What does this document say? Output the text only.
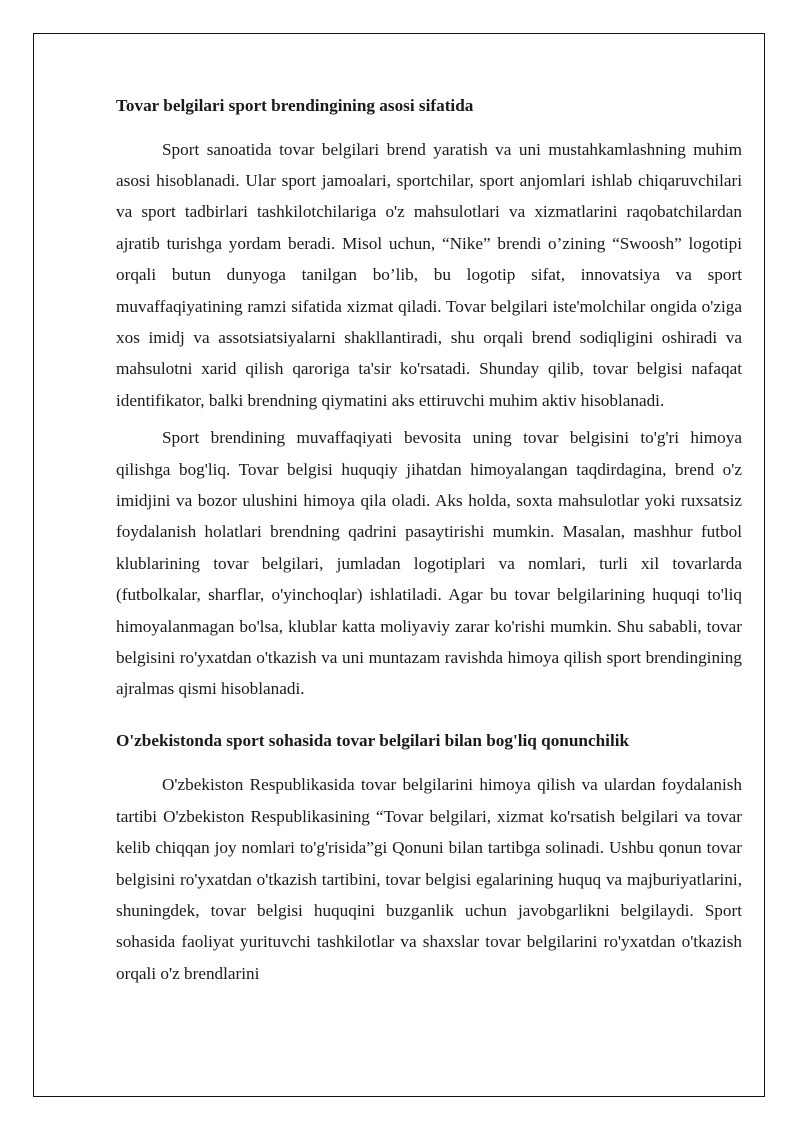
Tovar belgilari sport brendingining asosi sifatida

Sport sanoatida tovar belgilari brend yaratish va uni mustahkamlashning muhim asosi hisoblanadi. Ular sport jamoalari, sportchilar, sport anjomlari ishlab chiqaruvchilari va sport tadbirlari tashkilotchilariga o'z mahsulotlari va xizmatlarini raqobatchilardan ajratib turishga yordam beradi. Misol uchun, “Nike” brendi o’zining “Swoosh” logotipi orqali butun dunyoga tanilgan bo’lib, bu logotip sifat, innovatsiya va sport muvaffaqiyatining ramzi sifatida xizmat qiladi. Tovar belgilari iste'molchilar ongida o'ziga xos imidj va assotsiatsiyalarni shakllantiradi, shu orqali brend sodiqligini oshiradi va mahsulotni xarid qilish qaroriga ta'sir ko'rsatadi. Shunday qilib, tovar belgisi nafaqat identifikator, balki brendning qiymatini aks ettiruvchi muhim aktiv hisoblanadi.

Sport brendining muvaffaqiyati bevosita uning tovar belgisini to'g'ri himoya qilishga bog'liq. Tovar belgisi huquqiy jihatdan himoyalangan taqdirdagina, brend o'z imidjini va bozor ulushini himoya qila oladi. Aks holda, soxta mahsulotlar yoki ruxsatsiz foydalanish holatlari brendning qadrini pasaytirishi mumkin. Masalan, mashhur futbol klublarining tovar belgilari, jumladan logotiplari va nomlari, turli xil tovarlarda (futbolkalar, sharflar, o'yinchoqlar) ishlatiladi. Agar bu tovar belgilarining huquqi to'liq himoyalanmagan bo'lsa, klublar katta moliyaviy zarar ko'rishi mumkin. Shu sababli, tovar belgisini ro'yxatdan o'tkazish va uni muntazam ravishda himoya qilish sport brendingining ajralmas qismi hisoblanadi.

O'zbekistonda sport sohasida tovar belgilari bilan bog'liq qonunchilik

O'zbekiston Respublikasida tovar belgilarini himoya qilish va ulardan foydalanish tartibi O'zbekiston Respublikasining “Tovar belgilari, xizmat ko'rsatish belgilari va tovar kelib chiqqan joy nomlari to'g'risida”gi Qonuni bilan tartibga solinadi. Ushbu qonun tovar belgisini ro'yxatdan o'tkazish tartibini, tovar belgisi egalarining huquq va majburiyatlarini, shuningdek, tovar belgisi huquqini buzganlik uchun javobgarlikni belgilaydi. Sport sohasida faoliyat yurituvchi tashkilotlar va shaxslar tovar belgilarini ro'yxatdan o'tkazish orqali o'z brendlarini
